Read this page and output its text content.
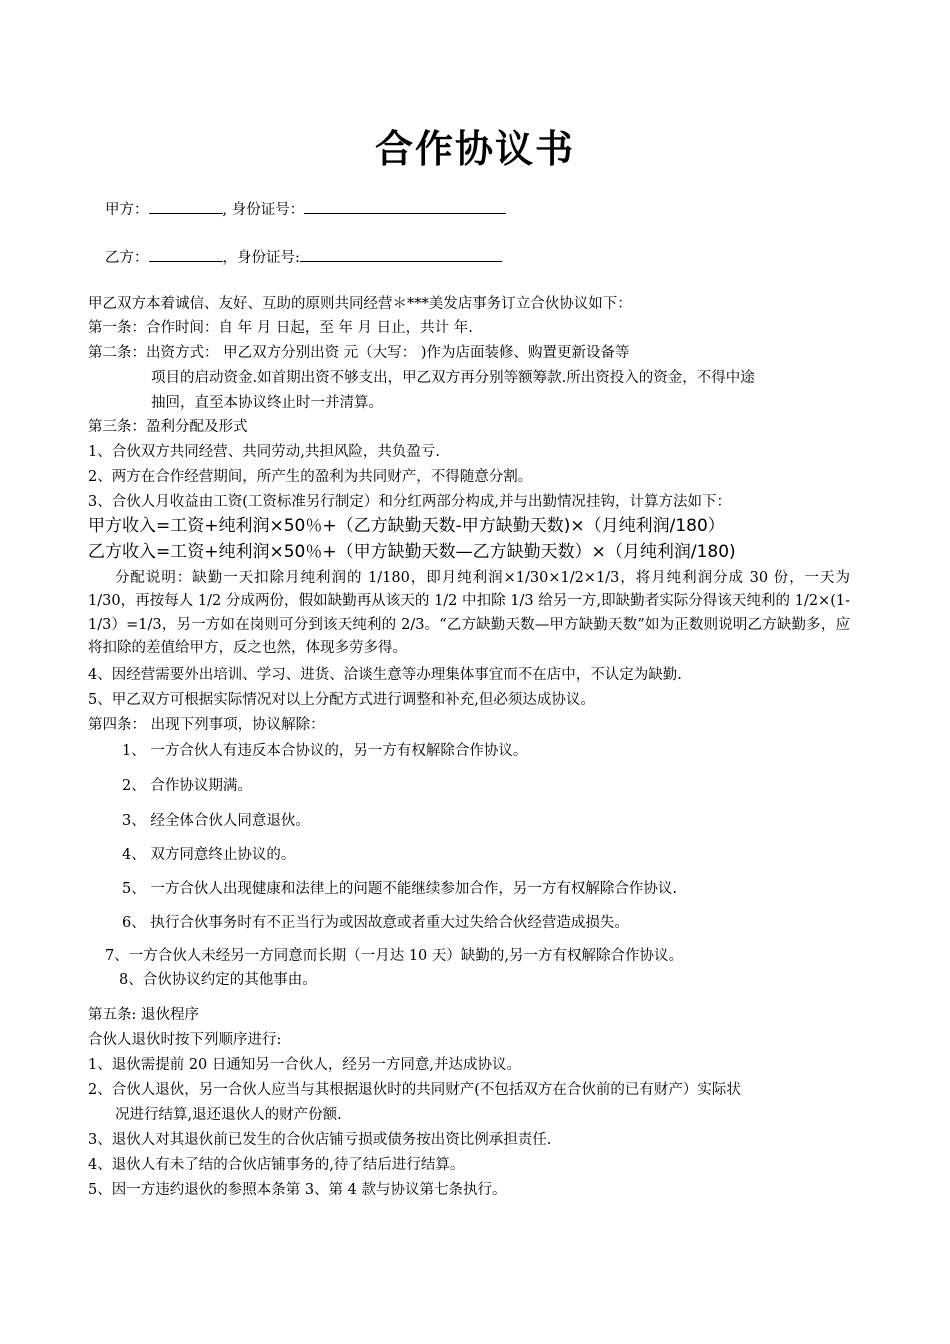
合作协议书
甲方：	, 身份证号：
乙方：	，身份证号:
甲乙双方本着诚信、友好、互助的原则共同经营＊***美发店事务订立合伙协议如下：
第一条：合作时间：自 年 月 日起，至 年 月 日止，共计 年.
第二条：出资方式： 甲乙双方分别出资 元（大写： )作为店面装修、购置更新设备等
项目的启动资金.如首期出资不够支出，甲乙双方再分别等额筹款.所出资投入的资金，不得中途
抽回，直至本协议终止时一并清算。
第三条：盈利分配及形式
1、合伙双方共同经营、共同劳动,共担风险，共负盈亏.
2、两方在合作经营期间，所产生的盈利为共同财产，不得随意分割。
3、合伙人月收益由工资(工资标准另行制定）和分红两部分构成,并与出勤情况挂钩，计算方法如下：
甲方收入=工资+纯利润×50％+（乙方缺勤天数-甲方缺勤天数)×（月纯利润/180）
乙方收入=工资+纯利润×50％+（甲方缺勤天数—乙方缺勤天数）×（月纯利润/180)
分配说明：缺勤一天扣除月纯利润的 1/180，即月纯利润×1/30×1/2×1/3，将月纯利润分成 30 份，一天为 1/30，再按每人 1/2 分成两份，假如缺勤再从该天的 1/2 中扣除 1/3 给另一方,即缺勤者实际分得该天纯利的 1/2×(1-1/3）=1/3，另一方如在岗则可分到该天纯利的 2/3。“乙方缺勤天数—甲方缺勤天数”如为正数则说明乙方缺勤多，应将扣除的差值给甲方，反之也然，体现多劳多得。
4、因经营需要外出培训、学习、进货、洽谈生意等办理集体事宜而不在店中，不认定为缺勤.
5、甲乙双方可根据实际情况对以上分配方式进行调整和补充,但必须达成协议。
第四条： 出现下列事项，协议解除：
1、 一方合伙人有违反本合协议的，另一方有权解除合作协议。
2、 合作协议期满。
3、 经全体合伙人同意退伙。
4、 双方同意终止协议的。
5、 一方合伙人出现健康和法律上的问题不能继续参加合作，另一方有权解除合作协议.
6、 执行合伙事务时有不正当行为或因故意或者重大过失给合伙经营造成损失。
7、一方合伙人未经另一方同意而长期（一月达 10 天）缺勤的,另一方有权解除合作协议。
8、合伙协议约定的其他事由。
第五条: 退伙程序
合伙人退伙时按下列顺序进行:
1、退伙需提前 20 日通知另一合伙人，经另一方同意,并达成协议。
2、合伙人退伙，另一合伙人应当与其根据退伙时的共同财产(不包括双方在合伙前的已有财产）实际状
况进行结算,退还退伙人的财产份额.
3、退伙人对其退伙前已发生的合伙店铺亏损或债务按出资比例承担责任.
4、退伙人有未了结的合伙店铺事务的,待了结后进行结算。
5、因一方违约退伙的参照本条第 3、第 4 款与协议第七条执行。
